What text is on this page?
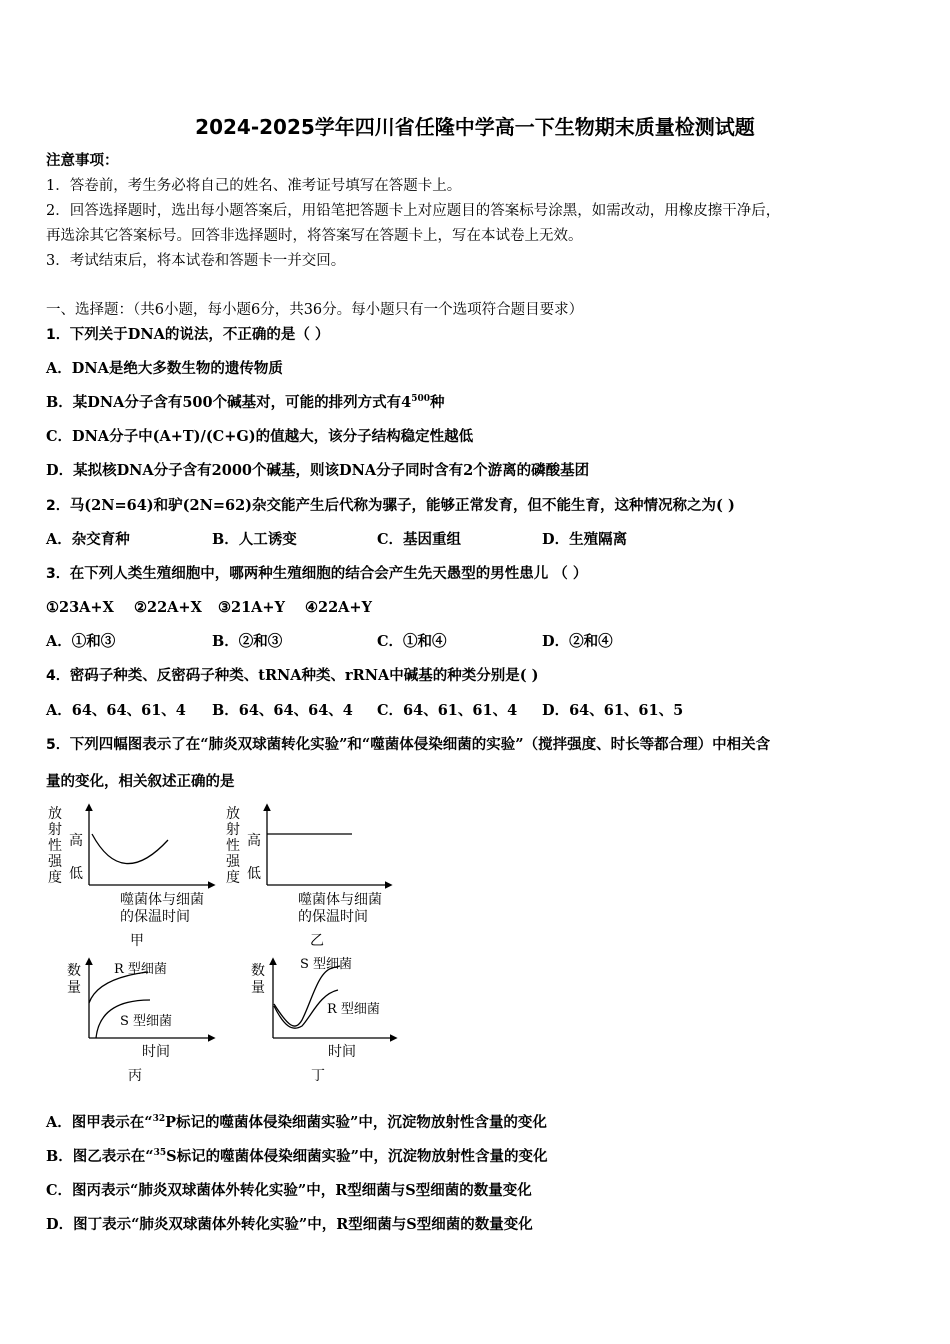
2024-2025学年四川省任隆中学高一下生物期末质量检测试题
注意事项：
1．答卷前，考生务必将自己的姓名、准考证号填写在答题卡上。
2．回答选择题时，选出每小题答案后，用铅笔把答题卡上对应题目的答案标号涂黑，如需改动，用橡皮擦干净后，
再选涂其它答案标号。回答非选择题时，将答案写在答题卡上，写在本试卷上无效。
3．考试结束后，将本试卷和答题卡一并交回。
一、选择题：（共6小题，每小题6分，共36分。每小题只有一个选项符合题目要求）
1．下列关于DNA的说法，不正确的是（ ）
A．DNA是绝大多数生物的遗传物质
B．某DNA分子含有500个碱基对，可能的排列方式有$4^{500}$种
C．DNA分子中(A+T)/(C+G)的值越大，该分子结构稳定性越低
D．某拟核DNA分子含有2000个碱基，则该DNA分子同时含有2个游离的磷酸基团
2．马(2N=64)和驴(2N=62)杂交能产生后代称为骡子，能够正常发育，但不能生育，这种情况称之为( )
A．杂交育种	B．人工诱变	C．基因重组	D．生殖隔离
3．在下列人类生殖细胞中，哪两种生殖细胞的结合会产生先天愚型的男性患儿 （ ）
①23A+X ②22A+X ③21A+Y ④22A+Y
A．①和③	B．②和③	C．①和④	D．②和④
4．密码子种类、反密码子种类、tRNA种类、rRNA中碱基的种类分别是( )
A．64、64、61、4 B．64、64、64、4 C．64、61、61、4 D．64、61、61、5
5．下列四幅图表示了在“肺炎双球菌转化实验”和“噬菌体侵染细菌的实验”（搅拌强度、时长等都合理）中相关含
量的变化，相关叙述正确的是
放
射
性
强
度
高
低
噬菌体与细菌
的保温时间
甲
放
射
性
强
度
高
低
噬菌体与细菌
的保温时间
乙
数
量
R 型细菌
S 型细菌
时间
丙
数
量
S 型细菌
R 型细菌
时间
丁
A．图甲表示在“$^{32}$P标记的噬菌体侵染细菌实验”中，沉淀物放射性含量的变化
B．图乙表示在“$^{35}$S标记的噬菌体侵染细菌实验”中，沉淀物放射性含量的变化
C．图丙表示“肺炎双球菌体外转化实验”中，R型细菌与S型细菌的数量变化
D．图丁表示“肺炎双球菌体外转化实验”中，R型细菌与S型细菌的数量变化
